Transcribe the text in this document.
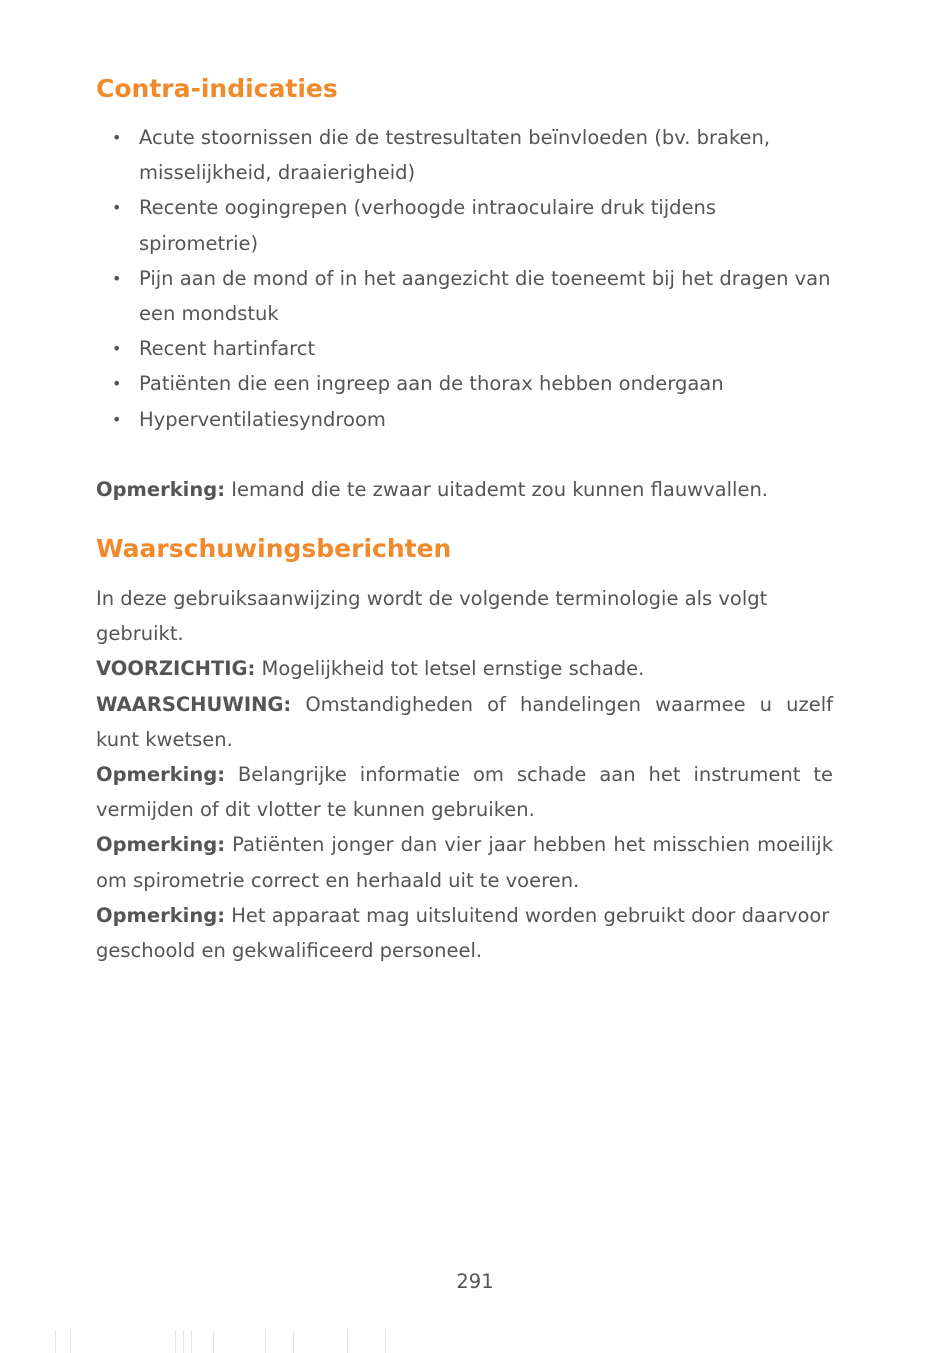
Contra-indicaties
• Acute stoornissen die de testresultaten beïnvloeden (bv. braken, misselijkheid, draaierigheid)
• Recente oogingrepen (verhoogde intraoculaire druk tijdens spirometrie)
• Pijn aan de mond of in het aangezicht die toeneemt bij het dragen van een mondstuk
• Recent hartinfarct
• Patiënten die een ingreep aan de thorax hebben ondergaan
• Hyperventilatiesyndroom

Opmerking: Iemand die te zwaar uitademt zou kunnen flauwvallen.

Waarschuwingsberichten

In deze gebruiksaanwijzing wordt de volgende terminologie als volgt gebruikt.

VOORZICHTIG: Mogelijkheid tot letsel ernstige schade.

WAARSCHUWING: Omstandigheden of handelingen waarmee u uzelf kunt kwetsen.

Opmerking: Belangrijke informatie om schade aan het instrument te vermijden of dit vlotter te kunnen gebruiken.

Opmerking: Patiënten jonger dan vier jaar hebben het misschien moeilijk om spirometrie correct en herhaald uit te voeren.

Opmerking: Het apparaat mag uitsluitend worden gebruikt door daarvoor geschoold en gekwalificeerd personeel.

291
